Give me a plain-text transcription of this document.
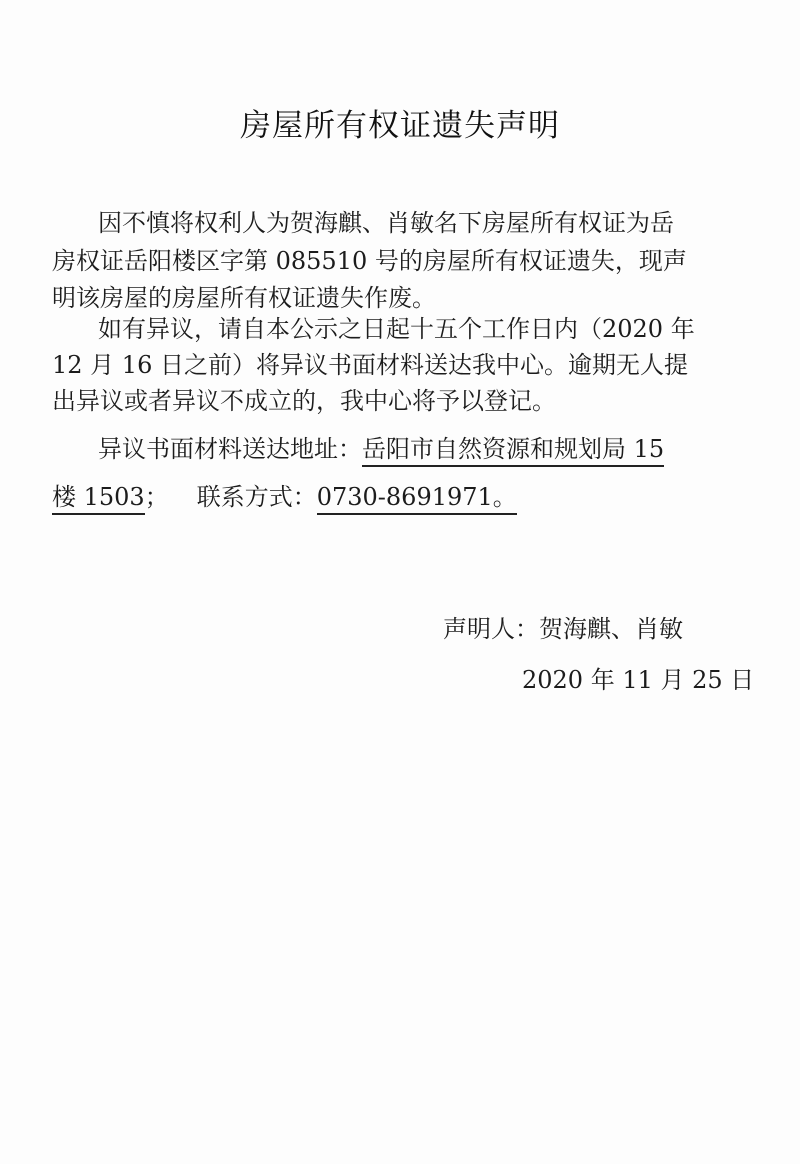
房屋所有权证遗失声明
因不慎将权利人为贺海麒、肖敏名下房屋所有权证为岳
房权证岳阳楼区字第 085510 号的房屋所有权证遗失，现声
明该房屋的房屋所有权证遗失作废。
如有异议，请自本公示之日起十五个工作日内（2020 年
12 月 16 日之前）将异议书面材料送达我中心。逾期无人提
出异议或者异议不成立的，我中心将予以登记。
异议书面材料送达地址：岳阳市自然资源和规划局 15
楼 1503； 联系方式：0730-8691971。
声明人：贺海麒、肖敏
2020 年 11 月 25 日
